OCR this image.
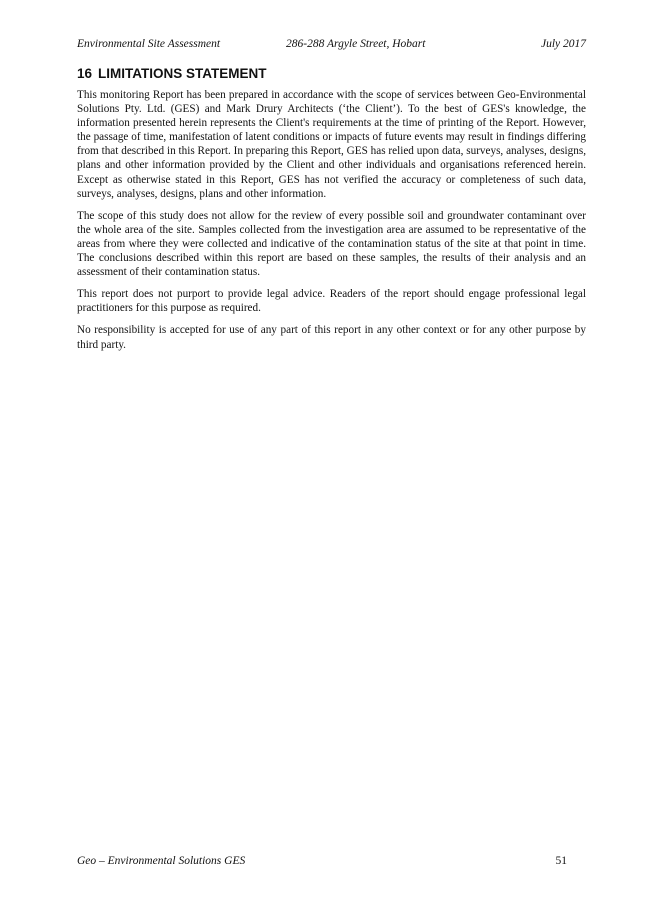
Environmental Site Assessment	286-288 Argyle Street, Hobart	July 2017
16 LIMITATIONS STATEMENT

This monitoring Report has been prepared in accordance with the scope of services between Geo-Environmental Solutions Pty. Ltd. (GES) and Mark Drury Architects (‘the Client’). To the best of GES's knowledge, the information presented herein represents the Client's requirements at the time of printing of the Report. However, the passage of time, manifestation of latent conditions or impacts of future events may result in findings differing from that described in this Report. In preparing this Report, GES has relied upon data, surveys, analyses, designs, plans and other information provided by the Client and other individuals and organisations referenced herein. Except as otherwise stated in this Report, GES has not verified the accuracy or completeness of such data, surveys, analyses, designs, plans and other information.

The scope of this study does not allow for the review of every possible soil and groundwater contaminant over the whole area of the site. Samples collected from the investigation area are assumed to be representative of the areas from where they were collected and indicative of the contamination status of the site at that point in time. The conclusions described within this report are based on these samples, the results of their analysis and an assessment of their contamination status.

This report does not purport to provide legal advice. Readers of the report should engage professional legal practitioners for this purpose as required.

No responsibility is accepted for use of any part of this report in any other context or for any other purpose by third party.

Geo – Environmental Solutions GES	51
